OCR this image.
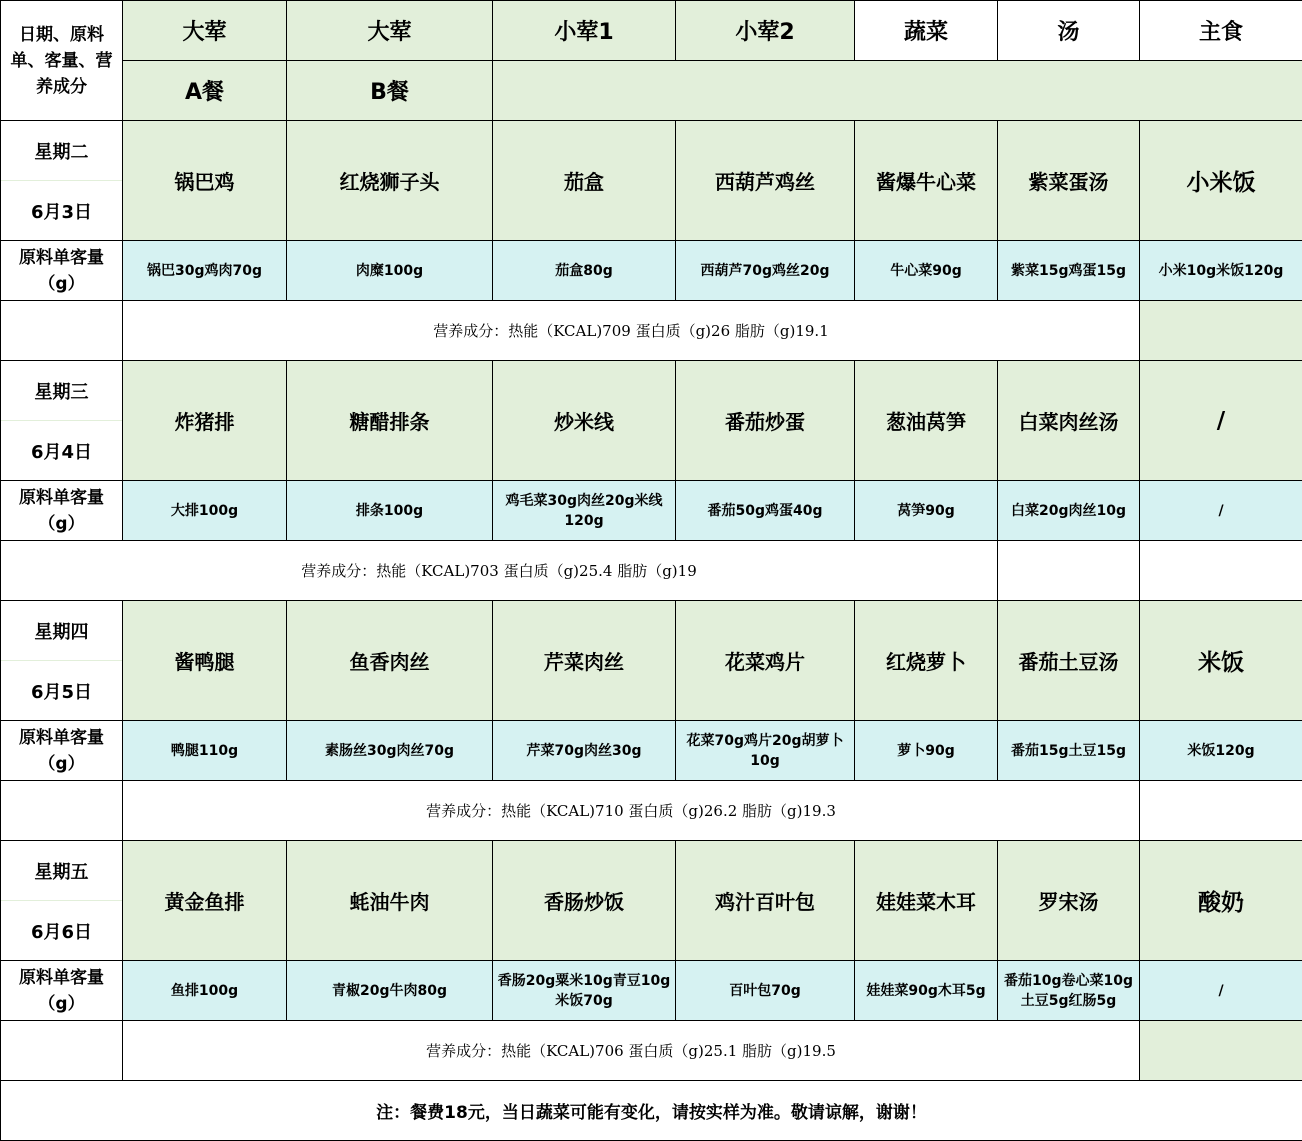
日期、原料单、客量、营养成分	大荤	大荤	小荤1	小荤2	蔬菜	汤	主食
	A餐	B餐					

星期二
6月3日	锅巴鸡	红烧狮子头	茄盒	西葫芦鸡丝	酱爆牛心菜	紫菜蛋汤	小米饭
原料单客量（g）	锅巴30g鸡肉70g	肉糜100g	茄盒80g	西葫芦70g鸡丝20g	牛心菜90g	紫菜15g鸡蛋15g	小米10g米饭120g
	营养成分：热能（KCAL)709 蛋白质（g)26 脂肪（g)19.1						

星期三
6月4日	炸猪排	糖醋排条	炒米线	番茄炒蛋	葱油莴笋	白菜肉丝汤	/
原料单客量（g）	大排100g	排条100g	鸡毛菜30g肉丝20g米线120g	番茄50g鸡蛋40g	莴笋90g	白菜20g肉丝10g	/
营养成分：热能（KCAL)703 蛋白质（g)25.4 脂肪（g)19							

星期四
6月5日	酱鸭腿	鱼香肉丝	芹菜肉丝	花菜鸡片	红烧萝卜	番茄土豆汤	米饭
原料单客量（g）	鸭腿110g	素肠丝30g肉丝70g	芹菜70g肉丝30g	花菜70g鸡片20g胡萝卜10g	萝卜90g	番茄15g土豆15g	米饭120g
	营养成分：热能（KCAL)710 蛋白质（g)26.2 脂肪（g)19.3						

星期五
6月6日	黄金鱼排	蚝油牛肉	香肠炒饭	鸡汁百叶包	娃娃菜木耳	罗宋汤	酸奶
原料单客量（g）	鱼排100g	青椒20g牛肉80g	香肠20g粟米10g青豆10g米饭70g	百叶包70g	娃娃菜90g木耳5g	番茄10g卷心菜10g土豆5g红肠5g	/
	营养成分：热能（KCAL)706 蛋白质（g)25.1 脂肪（g)19.5						
注：餐费18元，当日蔬菜可能有变化，请按实样为准。敬请谅解，谢谢！							
